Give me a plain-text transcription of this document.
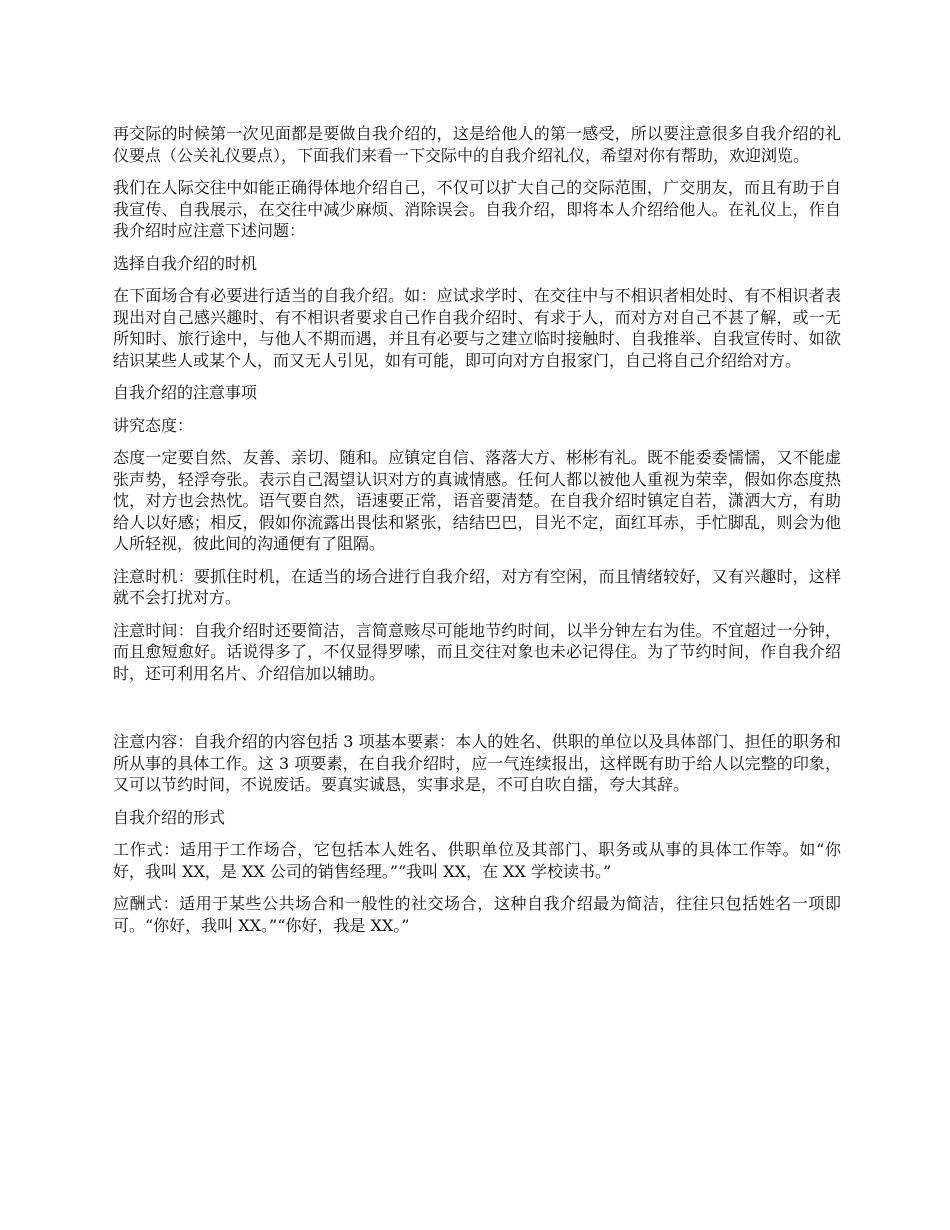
再交际的时候第一次见面都是要做自我介绍的，这是给他人的第一感受，所以要注意很多自我介绍的礼仪要点（公关礼仪要点），下面我们来看一下交际中的自我介绍礼仪，希望对你有帮助，欢迎浏览。

我们在人际交往中如能正确得体地介绍自己，不仅可以扩大自己的交际范围，广交朋友，而且有助于自我宣传、自我展示，在交往中减少麻烦、消除误会。自我介绍，即将本人介绍给他人。在礼仪上，作自我介绍时应注意下述问题：

选择自我介绍的时机

在下面场合有必要进行适当的自我介绍。如：应试求学时、在交往中与不相识者相处时、有不相识者表现出对自己感兴趣时、有不相识者要求自己作自我介绍时、有求于人，而对方对自己不甚了解，或一无所知时、旅行途中，与他人不期而遇，并且有必要与之建立临时接触时、自我推举、自我宣传时、如欲结识某些人或某个人，而又无人引见，如有可能，即可向对方自报家门，自己将自己介绍给对方。

自我介绍的注意事项

讲究态度：

态度一定要自然、友善、亲切、随和。应镇定自信、落落大方、彬彬有礼。既不能委委懦懦，又不能虚张声势，轻浮夸张。表示自己渴望认识对方的真诚情感。任何人都以被他人重视为荣幸，假如你态度热忱，对方也会热忱。语气要自然，语速要正常，语音要清楚。在自我介绍时镇定自若，潇洒大方，有助给人以好感；相反，假如你流露出畏怯和紧张，结结巴巴，目光不定，面红耳赤，手忙脚乱，则会为他人所轻视，彼此间的沟通便有了阻隔。

注意时机：要抓住时机，在适当的场合进行自我介绍，对方有空闲，而且情绪较好，又有兴趣时，这样就不会打扰对方。

注意时间：自我介绍时还要简洁，言简意赅尽可能地节约时间，以半分钟左右为佳。不宜超过一分钟，而且愈短愈好。话说得多了，不仅显得罗嗦，而且交往对象也未必记得住。为了节约时间，作自我介绍时，还可利用名片、介绍信加以辅助。

注意内容：自我介绍的内容包括 3 项基本要素：本人的姓名、供职的单位以及具体部门、担任的职务和所从事的具体工作。这 3 项要素，在自我介绍时，应一气连续报出，这样既有助于给人以完整的印象，又可以节约时间，不说废话。要真实诚恳，实事求是，不可自吹自擂，夸大其辞。

自我介绍的形式

工作式：适用于工作场合，它包括本人姓名、供职单位及其部门、职务或从事的具体工作等。如“你好，我叫 XX，是 XX 公司的销售经理。”“我叫 XX，在 XX 学校读书。”

应酬式：适用于某些公共场合和一般性的社交场合，这种自我介绍最为简洁，往往只包括姓名一项即可。“你好，我叫 XX。”“你好，我是 XX。”
